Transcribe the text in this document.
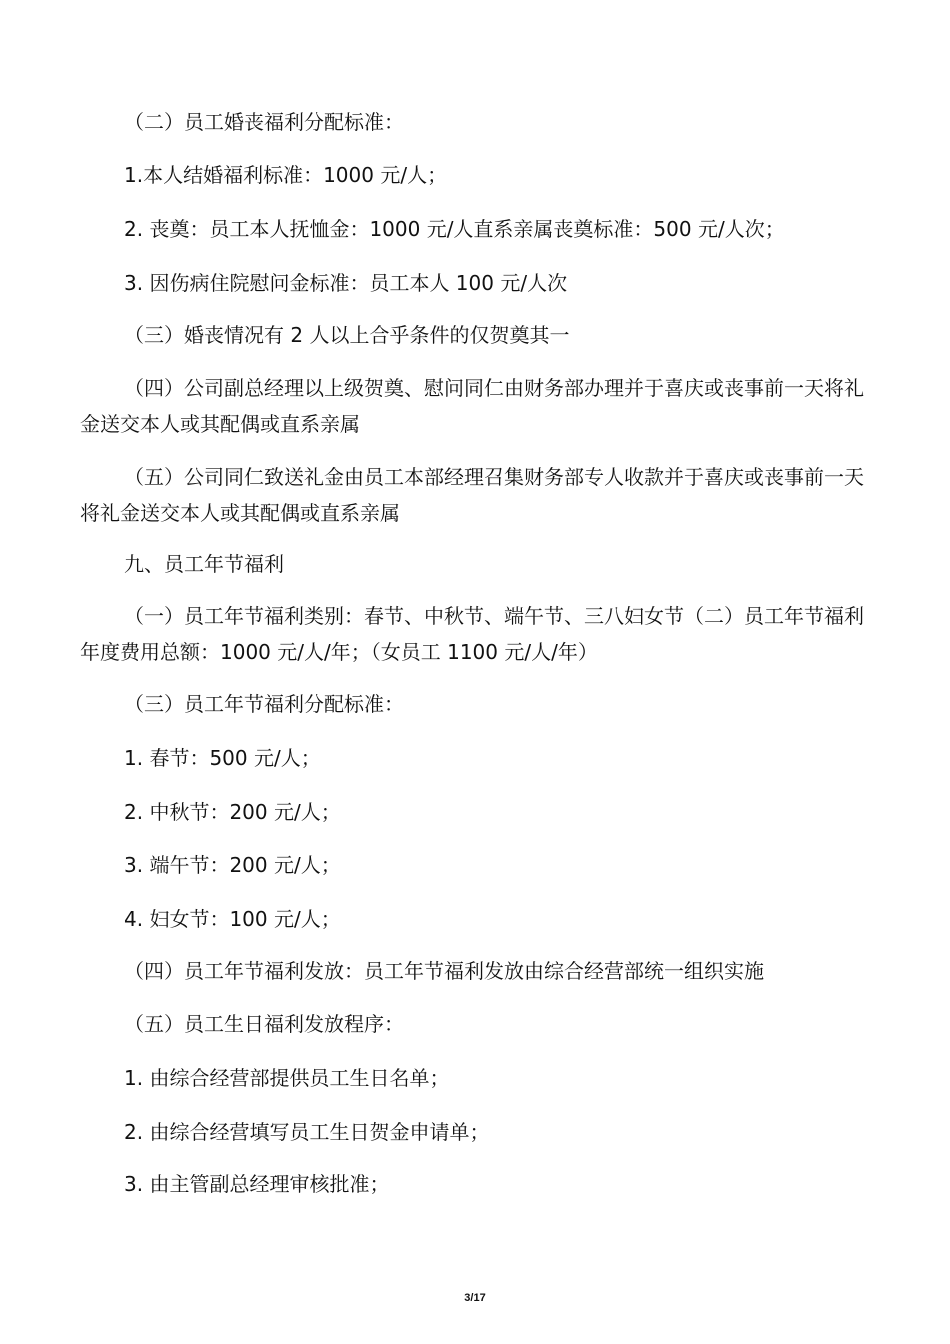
（二）员工婚丧福利分配标准：

1.本人结婚福利标准：1000 元/人；

2. 丧奠：员工本人抚恤金：1000 元/人直系亲属丧奠标准：500 元/人次；

3. 因伤病住院慰问金标准：员工本人 100 元/人次

（三）婚丧情况有 2 人以上合乎条件的仅贺奠其一

（四）公司副总经理以上级贺奠、慰问同仁由财务部办理并于喜庆或丧事前一天将礼金送交本人或其配偶或直系亲属

（五）公司同仁致送礼金由员工本部经理召集财务部专人收款并于喜庆或丧事前一天将礼金送交本人或其配偶或直系亲属

九、员工年节福利

（一）员工年节福利类别：春节、中秋节、端午节、三八妇女节（二）员工年节福利年度费用总额：1000 元/人/年；（女员工 1100 元/人/年）

（三）员工年节福利分配标准：

1. 春节：500 元/人；

2. 中秋节：200 元/人；

3. 端午节：200 元/人；

4. 妇女节：100 元/人；

（四）员工年节福利发放：员工年节福利发放由综合经营部统一组织实施

（五）员工生日福利发放程序：

1. 由综合经营部提供员工生日名单；

2. 由综合经营填写员工生日贺金申请单；

3. 由主管副总经理审核批准；

3/17
